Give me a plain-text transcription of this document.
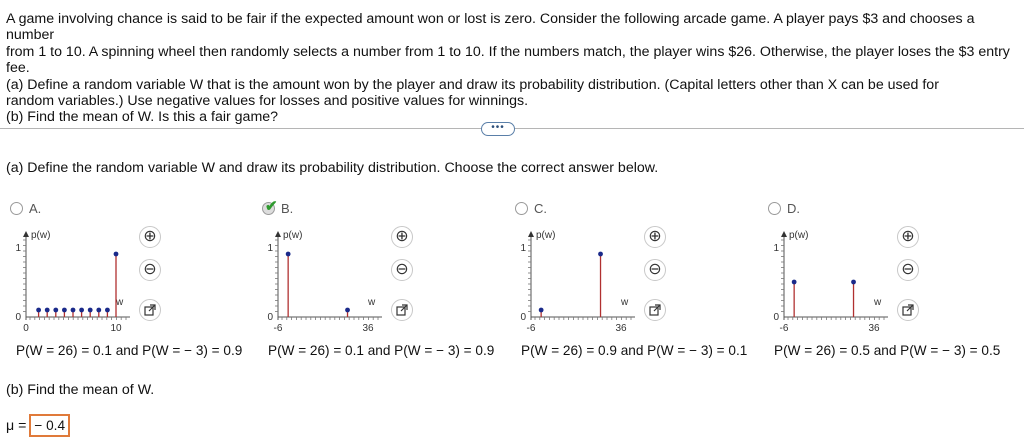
A game involving chance is said to be fair if the expected amount won or lost is zero. Consider the following arcade game. A player pays $3 and chooses a number

from 1 to 10. A spinning wheel then randomly selects a number from 1 to 10. If the numbers match, the player wins $26. Otherwise, the player loses the $3 entry fee.

(a) Define a random variable W that is the amount won by the player and draw its probability distribution. (Capital letters other than X can be used for

random variables.) Use negative values for losses and positive values for winnings.

(b) Find the mean of W. Is this a fair game?

•••
(a) Define the random variable W and draw its probability distribution. Choose the correct answer below.
A.
p(w)
1
w
0	10
0
⊕
⊖
P(W = 26) = 0.1 and P(W = − 3) = 0.9
✔ B.
p(w)
1
w
-6	36
0
⊕
⊖
P(W = 26) = 0.1 and P(W = − 3) = 0.9
C.
p(w)
1
w
-6	36
0
⊕
⊖
P(W = 26) = 0.9 and P(W = − 3) = 0.1
D.
p(w)
1
w
-6	36
0
⊕
⊖
P(W = 26) = 0.5 and P(W = − 3) = 0.5
(b) Find the mean of W.
μ = − 0.4
